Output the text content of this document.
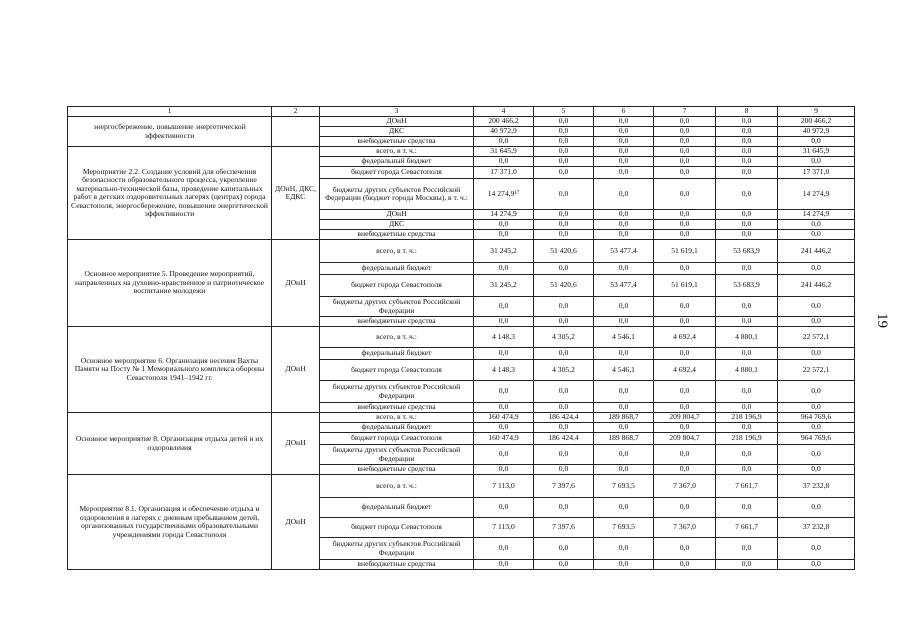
1	2	3	4	5	6	7	8	9
энергосбережение, повышение энергетической эффективности		ДОиН	200 466,2	0,0	0,0	0,0	0,0	200 466,2
		ДКС	40 972,9	0,0	0,0	0,0	0,0	40 972,9
		внебюджетные средства	0,0	0,0	0,0	0,0	0,0	0,0
Мероприятие 2.2. Создание условий для обеспечения безопасности образовательного процесса, укрепление материально-технической базы, проведение капитальных работ в детских оздоровительных лагерях (центрах) города Севастополя, энергосбережение, повышение энергетической эффективности	ДОиН, ДКС, ЕДКС	всего, в т. ч.:	31 645,9	0,0	0,0	0,0	0,0	31 645,9
		федеральный бюджет	0,0	0,0	0,0	0,0	0,0	0,0
		бюджет города Севастополя	17 371,0	0,0	0,0	0,0	0,0	17 371,0
		бюджеты других субъектов Российской Федерации (бюджет города Москвы), в т. ч.:	14 274,9¹⁷	0,0	0,0	0,0	0,0	14 274,9
		ДОиН	14 274,9	0,0	0,0	0,0	0,0	14 274,9
		ДКС	0,0	0,0	0,0	0,0	0,0	0,0
		внебюджетные средства	0,0	0,0	0,0	0,0	0,0	0,0
Основное мероприятие 5. Проведение мероприятий, направленных на духовно-нравственное и патриотическое воспитание молодежи	ДОиН	всего, в т. ч.:	31 245,2	51 420,6	53 477,4	51 619,1	53 683,9	241 446,2
		федеральный бюджет	0,0	0,0	0,0	0,0	0,0	0,0
		бюджет города Севастополя	31 245,2	51 420,6	53 477,4	51 619,1	53 683,9	241 446,2
		бюджеты других субъектов Российской Федерации	0,0	0,0	0,0	0,0	0,0	0,0
		внебюджетные средства	0,0	0,0	0,0	0,0	0,0	0,0
Основное мероприятие 6. Организация несения Вахты Памяти на Посту № 1 Мемориального комплекса обороны Севастополя 1941–1942 гг.	ДОиН	всего, в т. ч.:	4 148,3	4 305,2	4 546,1	4 692,4	4 880,1	22 572,1
		федеральный бюджет	0,0	0,0	0,0	0,0	0,0	0,0
		бюджет города Севастополя	4 148,3	4 305,2	4 546,1	4 692,4	4 880,1	22 572,1
		бюджеты других субъектов Российской Федерации	0,0	0,0	0,0	0,0	0,0	0,0
		внебюджетные средства	0,0	0,0	0,0	0,0	0,0	0,0
Основное мероприятие 8. Организация отдыха детей и их оздоровления	ДОиН	всего, в т. ч.:	160 474,9	186 424,4	189 868,7	209 804,7	218 196,9	964 769,6
		федеральный бюджет	0,0	0,0	0,0	0,0	0,0	0,0
		бюджет города Севастополя	160 474,9	186 424,4	189 868,7	209 804,7	218 196,9	964 769,6
		бюджеты других субъектов Российской Федерации	0,0	0,0	0,0	0,0	0,0	0,0
		внебюджетные средства	0,0	0,0	0,0	0,0	0,0	0,0
Мероприятие 8.1. Организация и обеспечение отдыха и оздоровления в лагерях с дневным пребыванием детей, организованных государственными образовательными учреждениями города Севастополя	ДОиН	всего, в т. ч.:	7 113,0	7 397,6	7 693,5	7 367,0	7 661,7	37 232,8
		федеральный бюджет	0,0	0,0	0,0	0,0	0,0	0,0
		бюджет города Севастополя	7 113,0	7 397,6	7 693,5	7 367,0	7 661,7	37 232,8
		бюджеты других субъектов Российской Федерации	0,0	0,0	0,0	0,0	0,0	0,0
		внебюджетные средства	0,0	0,0	0,0	0,0	0,0	0,0
19
